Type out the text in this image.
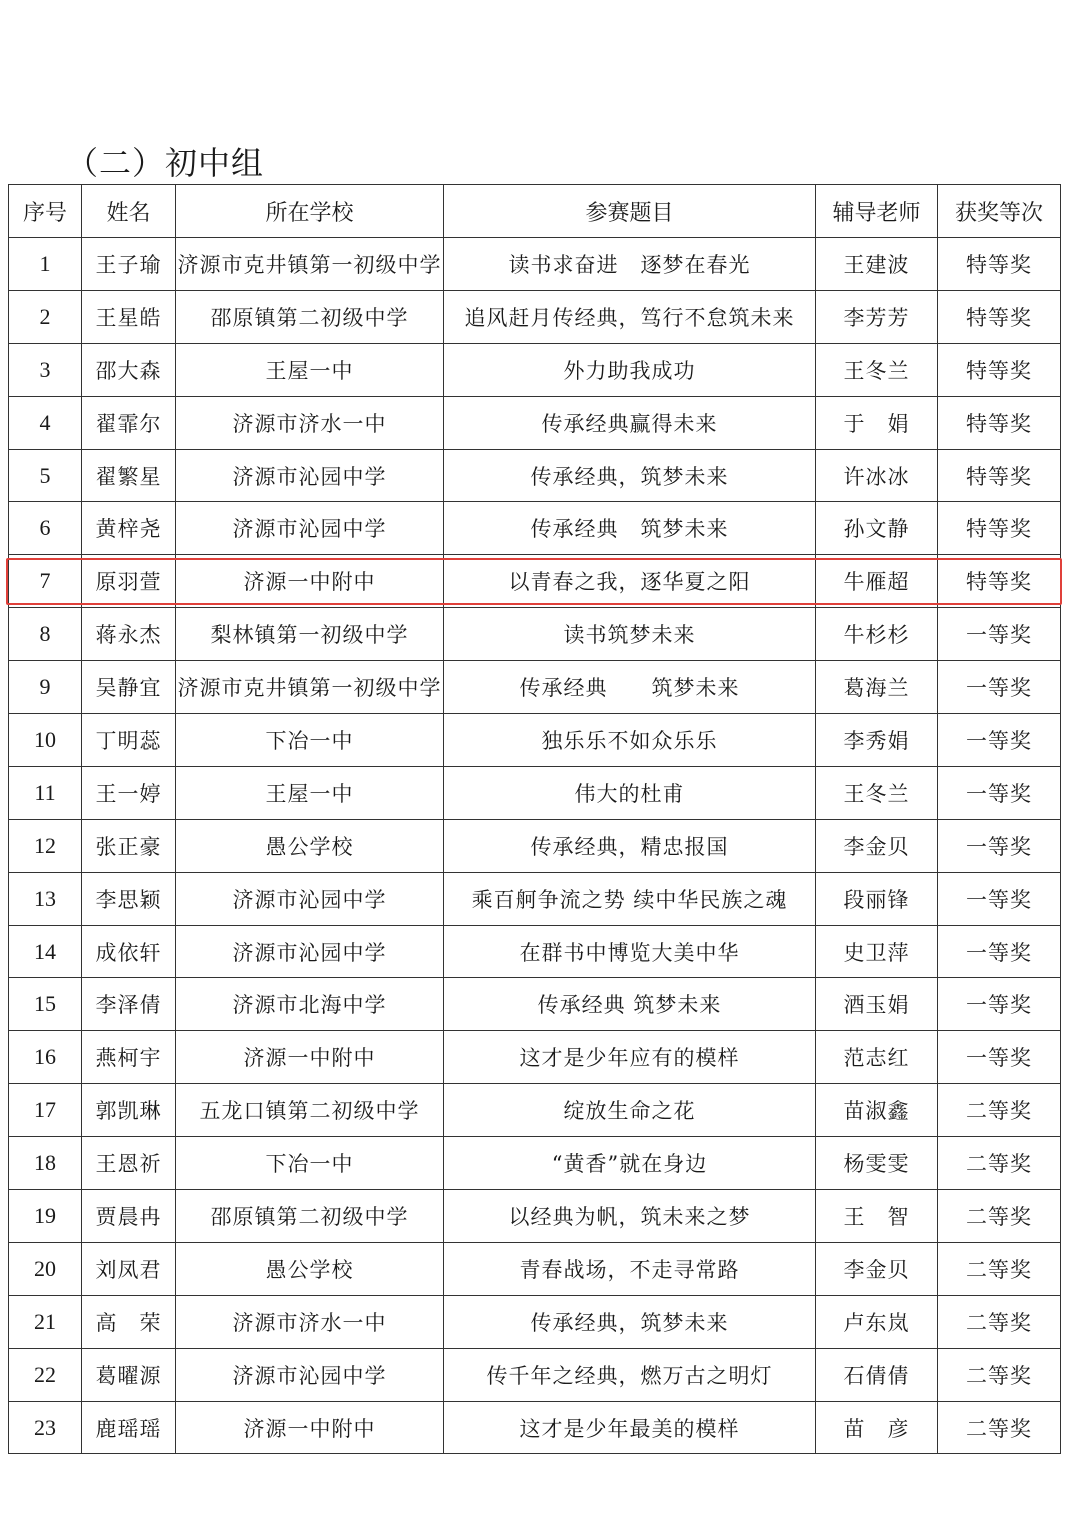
（二）初中组
序号	姓名	所在学校	参赛题目	辅导老师	获奖等次
1	王子瑜	济源市克井镇第一初级中学	读书求奋进　逐梦在春光	王建波	特等奖
2	王星皓	邵原镇第二初级中学	追风赶月传经典，笃行不怠筑未来	李芳芳	特等奖
3	邵大森	王屋一中	外力助我成功	王冬兰	特等奖
4	翟霏尔	济源市济水一中	传承经典赢得未来	于　娟	特等奖
5	翟繁星	济源市沁园中学	传承经典，筑梦未来	许冰冰	特等奖
6	黄梓尧	济源市沁园中学	传承经典　筑梦未来	孙文静	特等奖
7	原羽萱	济源一中附中	以青春之我，逐华夏之阳	牛雁超	特等奖
8	蒋永杰	梨林镇第一初级中学	读书筑梦未来	牛杉杉	一等奖
9	吴静宜	济源市克井镇第一初级中学	传承经典　　筑梦未来	葛海兰	一等奖
10	丁明蕊	下冶一中	独乐乐不如众乐乐	李秀娟	一等奖
11	王一婷	王屋一中	伟大的杜甫	王冬兰	一等奖
12	张正豪	愚公学校	传承经典，精忠报国	李金贝	一等奖
13	李思颖	济源市沁园中学	乘百舸争流之势 续中华民族之魂	段丽锋	一等奖
14	成依轩	济源市沁园中学	在群书中博览大美中华	史卫萍	一等奖
15	李泽倩	济源市北海中学	传承经典 筑梦未来	酒玉娟	一等奖
16	燕柯宇	济源一中附中	这才是少年应有的模样	范志红	一等奖
17	郭凯琳	五龙口镇第二初级中学	绽放生命之花	苗淑鑫	二等奖
18	王恩祈	下冶一中	“黄香”就在身边	杨雯雯	二等奖
19	贾晨冉	邵原镇第二初级中学	以经典为帆，筑未来之梦	王　智	二等奖
20	刘凤君	愚公学校	青春战场，不走寻常路	李金贝	二等奖
21	高　荣	济源市济水一中	传承经典，筑梦未来	卢东岚	二等奖
22	葛曜源	济源市沁园中学	传千年之经典，燃万古之明灯	石倩倩	二等奖
23	鹿瑶瑶	济源一中附中	这才是少年最美的模样	苗　彦	二等奖
